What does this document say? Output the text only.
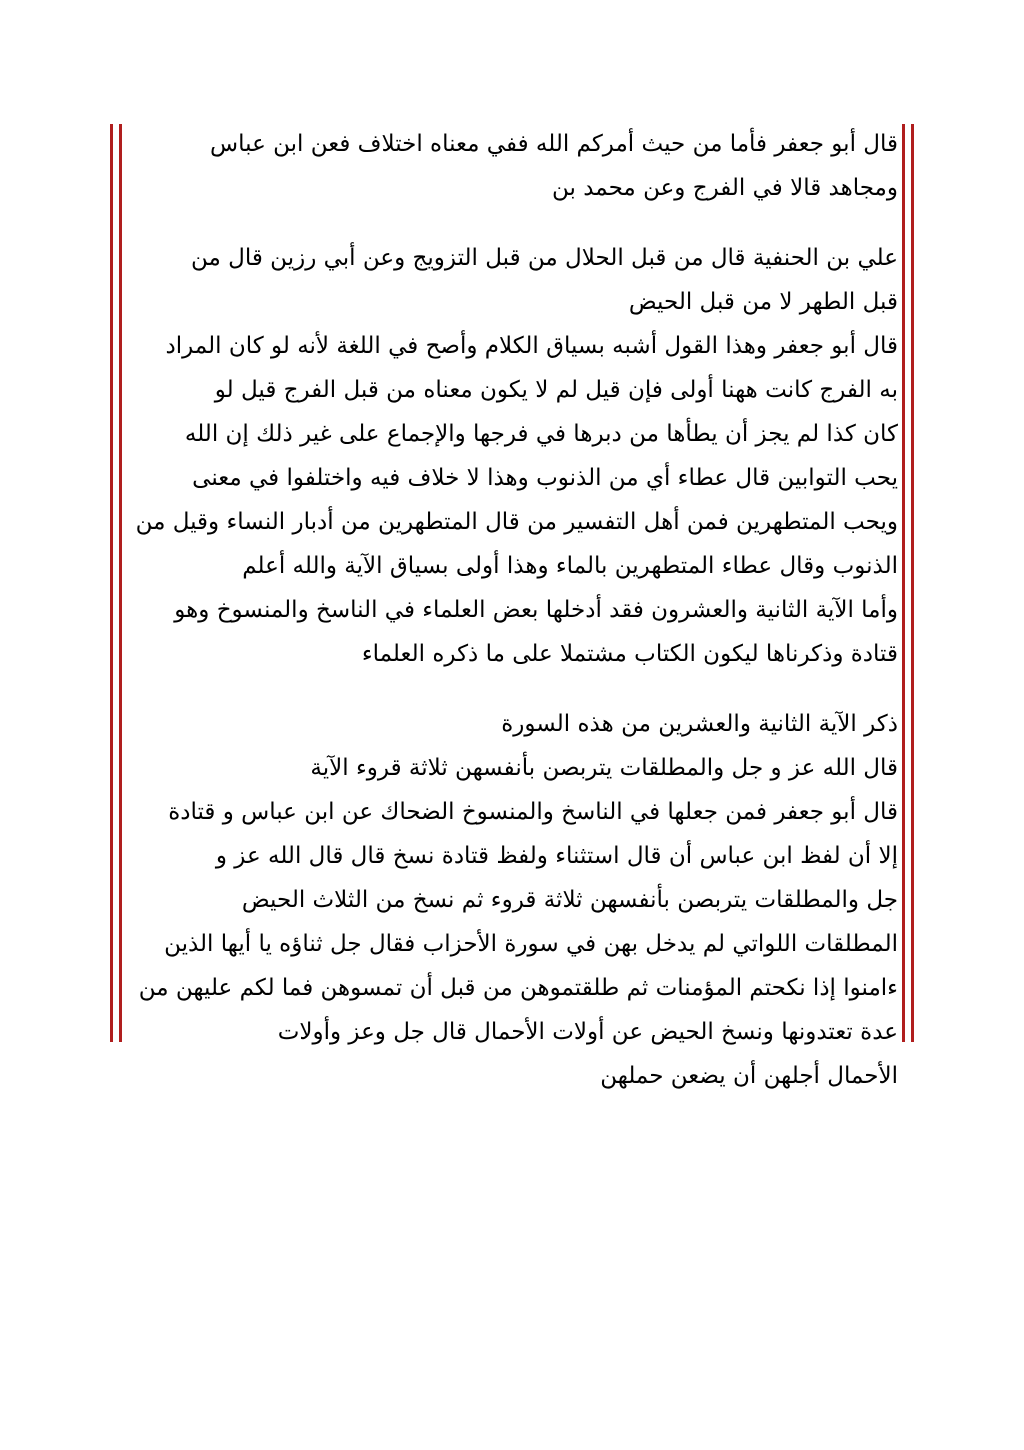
قال أبو جعفر فأما من حيث أمركم الله ففي معناه اختلاف فعن ابن عباس
ومجاهد قالا في الفرج وعن محمد بن

علي بن الحنفية قال من قبل الحلال من قبل التزويج وعن أبي رزين قال من
قبل الطهر لا من قبل الحيض

قال أبو جعفر وهذا القول أشبه بسياق الكلام وأصح في اللغة لأنه لو كان المراد
به الفرج كانت ههنا أولى فإن قيل لم لا يكون معناه من قبل الفرج قيل لو
كان كذا لم يجز أن يطأها من دبرها في فرجها والإجماع على غير ذلك إن الله
يحب التوابين قال عطاء أي من الذنوب وهذا لا خلاف فيه واختلفوا في معنى
ويحب المتطهرين فمن أهل التفسير من قال المتطهرين من أدبار النساء وقيل من
الذنوب وقال عطاء المتطهرين بالماء وهذا أولى بسياق الآية والله أعلم

وأما الآية الثانية والعشرون فقد أدخلها بعض العلماء في الناسخ والمنسوخ وهو
قتادة وذكرناها ليكون الكتاب مشتملا على ما ذكره العلماء

ذكر الآية الثانية والعشرين من هذه السورة

قال الله عز و جل والمطلقات يتربصن بأنفسهن ثلاثة قروء الآية

قال أبو جعفر فمن جعلها في الناسخ والمنسوخ الضحاك عن ابن عباس و قتادة
إلا أن لفظ ابن عباس أن قال استثناء ولفظ قتادة نسخ قال قال الله عز و
جل والمطلقات يتربصن بأنفسهن ثلاثة قروء ثم نسخ من الثلاث الحيض
المطلقات اللواتي لم يدخل بهن في سورة الأحزاب فقال جل ثناؤه يا أيها الذين
ءامنوا إذا نكحتم المؤمنات ثم طلقتموهن من قبل أن تمسوهن فما لكم عليهن من
عدة تعتدونها ونسخ الحيض عن أولات الأحمال قال جل وعز وأولات
الأحمال أجلهن أن يضعن حملهن
